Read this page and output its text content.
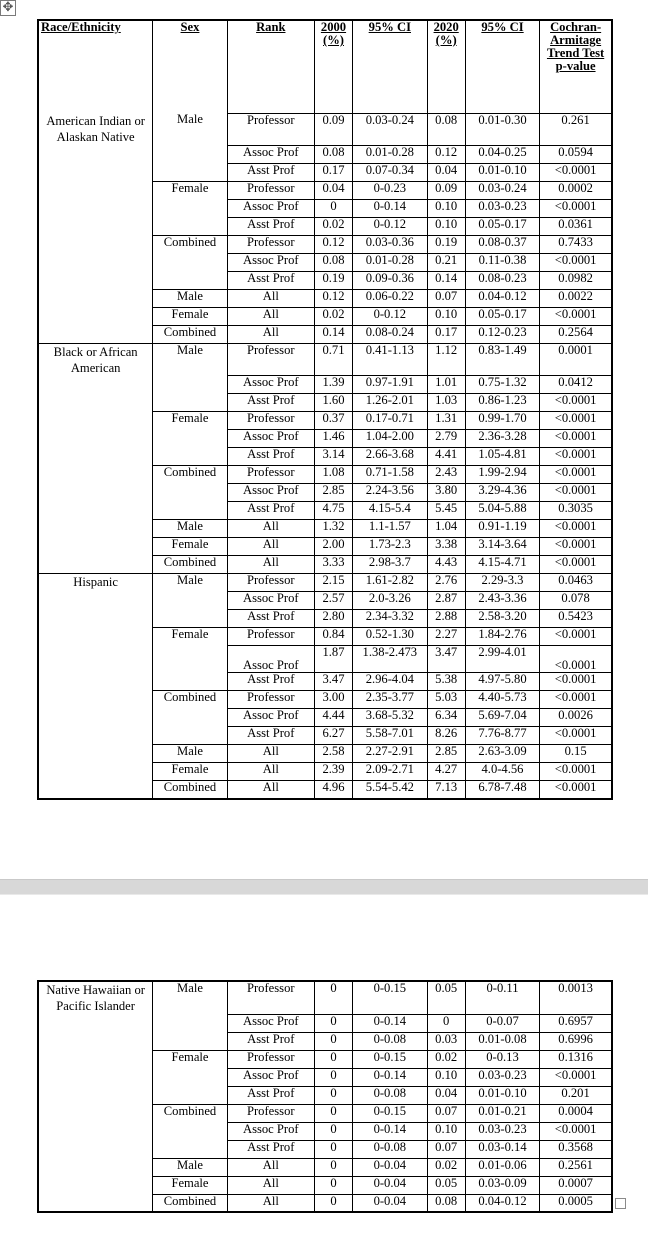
✥
Race/Ethnicity	Sex	Rank	2000 (%)	95% CI	2020 (%)	95% CI	Cochran-Armitage Trend Test p-value
American Indian or Alaskan Native	Male	Professor	0.09	0.03-0.24	0.08	0.01-0.30	0.261
		Assoc Prof	0.08	0.01-0.28	0.12	0.04-0.25	0.0594
		Asst Prof	0.17	0.07-0.34	0.04	0.01-0.10	<0.0001
	Female	Professor	0.04	0-0.23	0.09	0.03-0.24	0.0002
		Assoc Prof	0	0-0.14	0.10	0.03-0.23	<0.0001
		Asst Prof	0.02	0-0.12	0.10	0.05-0.17	0.0361
	Combined	Professor	0.12	0.03-0.36	0.19	0.08-0.37	0.7433
		Assoc Prof	0.08	0.01-0.28	0.21	0.11-0.38	<0.0001
		Asst Prof	0.19	0.09-0.36	0.14	0.08-0.23	0.0982
	Male	All	0.12	0.06-0.22	0.07	0.04-0.12	0.0022
	Female	All	0.02	0-0.12	0.10	0.05-0.17	<0.0001
	Combined	All	0.14	0.08-0.24	0.17	0.12-0.23	0.2564
Black or African American	Male	Professor	0.71	0.41-1.13	1.12	0.83-1.49	0.0001
		Assoc Prof	1.39	0.97-1.91	1.01	0.75-1.32	0.0412
		Asst Prof	1.60	1.26-2.01	1.03	0.86-1.23	<0.0001
	Female	Professor	0.37	0.17-0.71	1.31	0.99-1.70	<0.0001
		Assoc Prof	1.46	1.04-2.00	2.79	2.36-3.28	<0.0001
		Asst Prof	3.14	2.66-3.68	4.41	1.05-4.81	<0.0001
	Combined	Professor	1.08	0.71-1.58	2.43	1.99-2.94	<0.0001
		Assoc Prof	2.85	2.24-3.56	3.80	3.29-4.36	<0.0001
		Asst Prof	4.75	4.15-5.4	5.45	5.04-5.88	0.3035
	Male	All	1.32	1.1-1.57	1.04	0.91-1.19	<0.0001
	Female	All	2.00	1.73-2.3	3.38	3.14-3.64	<0.0001
	Combined	All	3.33	2.98-3.7	4.43	4.15-4.71	<0.0001
Hispanic	Male	Professor	2.15	1.61-2.82	2.76	2.29-3.3	0.0463
		Assoc Prof	2.57	2.0-3.26	2.87	2.43-3.36	0.078
		Asst Prof	2.80	2.34-3.32	2.88	2.58-3.20	0.5423
	Female	Professor	0.84	0.52-1.30	2.27	1.84-2.76	<0.0001
		Assoc Prof	1.87	1.38-2.473	3.47	2.99-4.01	<0.0001
		Asst Prof	3.47	2.96-4.04	5.38	4.97-5.80	<0.0001
	Combined	Professor	3.00	2.35-3.77	5.03	4.40-5.73	<0.0001
		Assoc Prof	4.44	3.68-5.32	6.34	5.69-7.04	0.0026
		Asst Prof	6.27	5.58-7.01	8.26	7.76-8.77	<0.0001
	Male	All	2.58	2.27-2.91	2.85	2.63-3.09	0.15
	Female	All	2.39	2.09-2.71	4.27	4.0-4.56	<0.0001
	Combined	All	4.96	5.54-5.42	7.13	6.78-7.48	<0.0001
Native Hawaiian or Pacific Islander	Male	Professor	0	0-0.15	0.05	0-0.11	0.0013
		Assoc Prof	0	0-0.14	0	0-0.07	0.6957
		Asst Prof	0	0-0.08	0.03	0.01-0.08	0.6996
	Female	Professor	0	0-0.15	0.02	0-0.13	0.1316
		Assoc Prof	0	0-0.14	0.10	0.03-0.23	<0.0001
		Asst Prof	0	0-0.08	0.04	0.01-0.10	0.201
	Combined	Professor	0	0-0.15	0.07	0.01-0.21	0.0004
		Assoc Prof	0	0-0.14	0.10	0.03-0.23	<0.0001
		Asst Prof	0	0-0.08	0.07	0.03-0.14	0.3568
	Male	All	0	0-0.04	0.02	0.01-0.06	0.2561
	Female	All	0	0-0.04	0.05	0.03-0.09	0.0007
	Combined	All	0	0-0.04	0.08	0.04-0.12	0.0005
